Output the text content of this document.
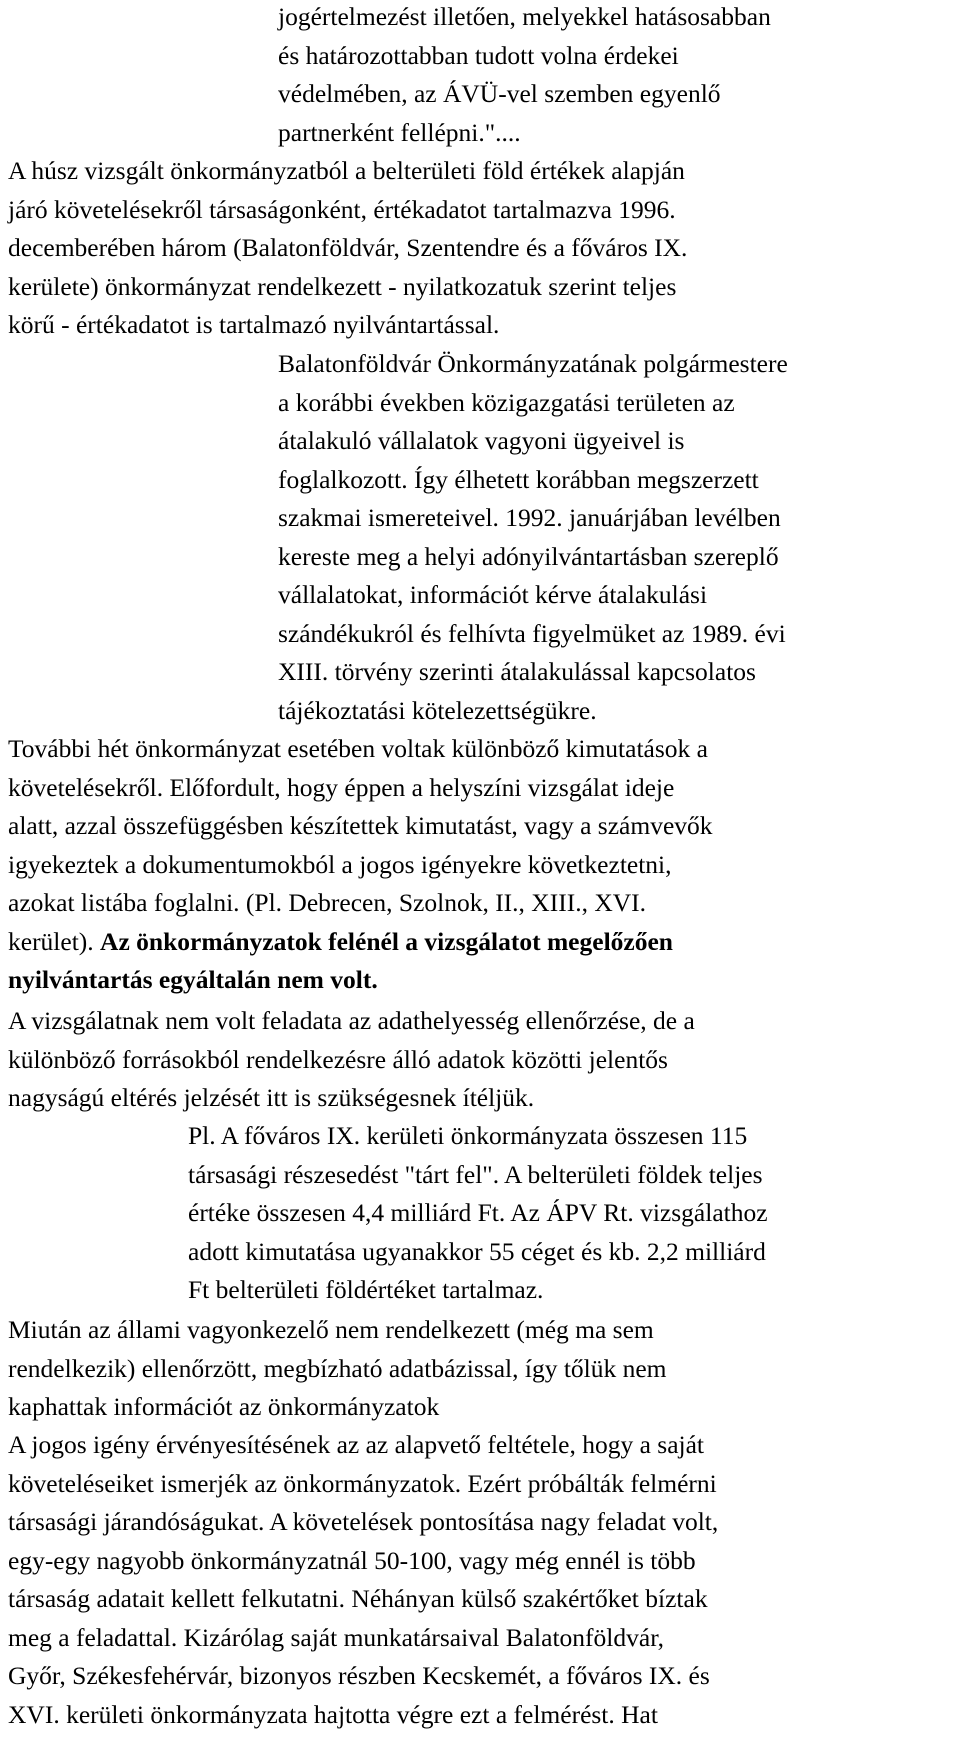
jogértelmezést illetően, melyekkel hatásosabban
és határozottabban tudott volna érdekei
védelmében, az ÁVÜ-vel szemben egyenlő
partnerként fellépni."....
A húsz vizsgált önkormányzatból a belterületi föld értékek alapján
járó követelésekről társaságonként, értékadatot tartalmazva 1996.
decemberében három (Balatonföldvár, Szentendre és a főváros IX.
kerülete) önkormányzat rendelkezett - nyilatkozatuk szerint teljes
körű - értékadatot is tartalmazó nyilvántartással.
Balatonföldvár Önkormányzatának polgármestere
a korábbi években közigazgatási területen az
átalakuló vállalatok vagyoni ügyeivel is
foglalkozott. Így élhetett korábban megszerzett
szakmai ismereteivel. 1992. januárjában levélben
kereste meg a helyi adónyilvántartásban szereplő
vállalatokat, információt kérve átalakulási
szándékukról és felhívta figyelmüket az 1989. évi
XIII. törvény szerinti átalakulással kapcsolatos
tájékoztatási kötelezettségükre.
További hét önkormányzat esetében voltak különböző kimutatások a
követelésekről. Előfordult, hogy éppen a helyszíni vizsgálat ideje
alatt, azzal összefüggésben készítettek kimutatást, vagy a számvevők
igyekeztek a dokumentumokból a jogos igényekre következtetni,
azokat listába foglalni. (Pl. Debrecen, Szolnok, II., XIII., XVI.
kerület). Az önkormányzatok felénél a vizsgálatot megelőzően
nyilvántartás egyáltalán nem volt.
A vizsgálatnak nem volt feladata az adathelyesség ellenőrzése, de a
különböző forrásokból rendelkezésre álló adatok közötti jelentős
nagyságú eltérés jelzését itt is szükségesnek ítéljük.
Pl. A főváros IX. kerületi önkormányzata összesen 115
társasági részesedést "tárt fel". A belterületi földek teljes
értéke összesen 4,4 milliárd Ft. Az ÁPV Rt. vizsgálathoz
adott kimutatása ugyanakkor 55 céget és kb. 2,2 milliárd
Ft belterületi földértéket tartalmaz.
Miután az állami vagyonkezelő nem rendelkezett (még ma sem
rendelkezik) ellenőrzött, megbízható adatbázissal, így tőlük nem
kaphattak információt az önkormányzatok
A jogos igény érvényesítésének az az alapvető feltétele, hogy a saját
követeléseiket ismerjék az önkormányzatok. Ezért próbálták felmérni
társasági járandóságukat. A követelések pontosítása nagy feladat volt,
egy-egy nagyobb önkormányzatnál 50-100, vagy még ennél is több
társaság adatait kellett felkutatni. Néhányan külső szakértőket bíztak
meg a feladattal. Kizárólag saját munkatársaival Balatonföldvár,
Győr, Székesfehérvár, bizonyos részben Kecskemét, a főváros IX. és
XVI. kerületi önkormányzata hajtotta végre ezt a felmérést. Hat
